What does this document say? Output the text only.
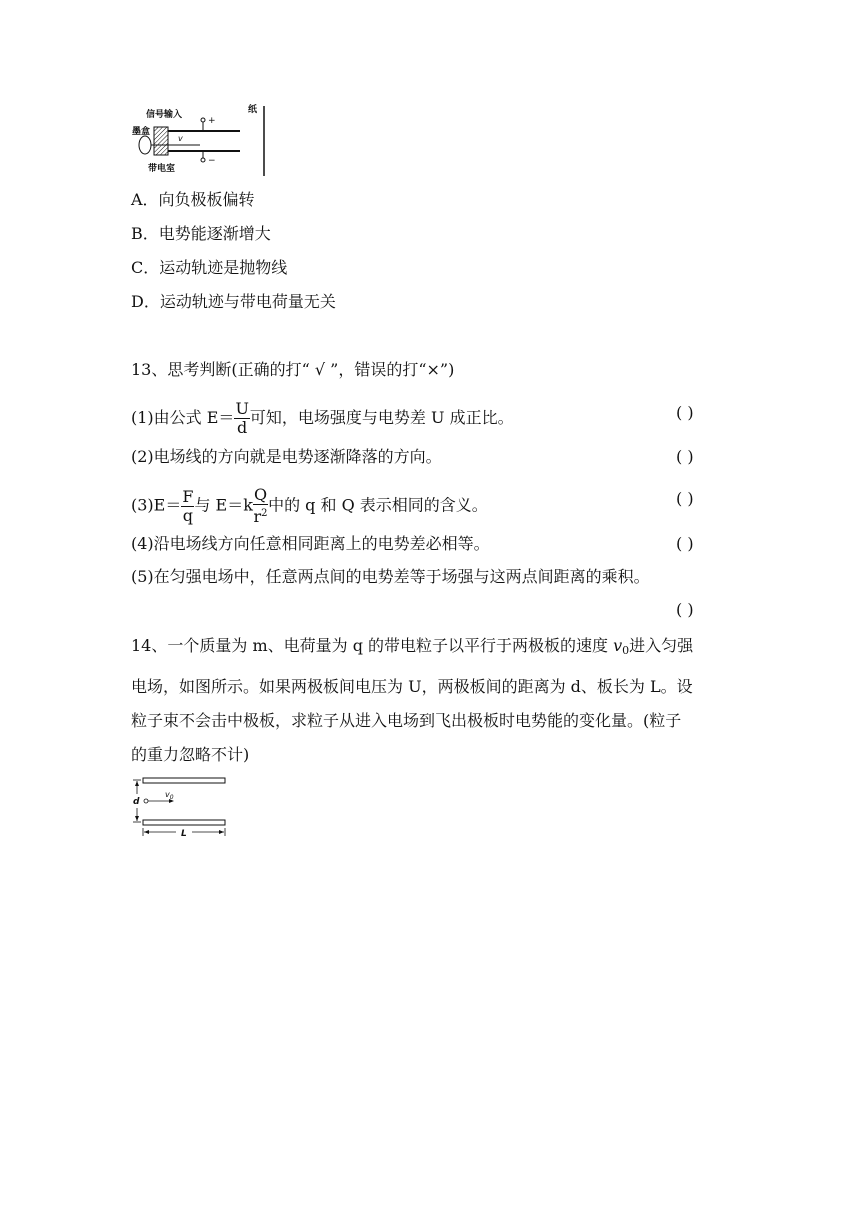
信号输入
墨盒
v
+
−
带电室
纸
A．向负极板偏转
B．电势能逐渐增大
C．运动轨迹是抛物线
D．运动轨迹与带电荷量无关
13、思考判断(正确的打“ √ ”，错误的打“×”)
(1)由公式 $E= \frac{U}{d}$ 可知，电场强度与电势差 U 成正比。	( )
(2)电场线的方向就是电势逐渐降落的方向。	( )
$(3)E= \frac{F}{q}$ 与 $E=k \frac{Q}{r^2}$ 中的 q 和 Q 表示相同的含义。	( )
(4)沿电场线方向任意相同距离上的电势差必相等。	( )
(5)在匀强电场中，任意两点间的电势差等于场强与这两点间距离的乘积。
( )
14、一个质量为 m、电荷量为 q 的带电粒子以平行于两极板的速度 $v_0$进入匀强
电场，如图所示。如果两极板间电压为 U，两极板间的距离为 d、板长为 L。设
粒子束不会击中极板，求粒子从进入电场到飞出极板时电势能的变化量。(粒子
的重力忽略不计)
d
$v_0$
L
